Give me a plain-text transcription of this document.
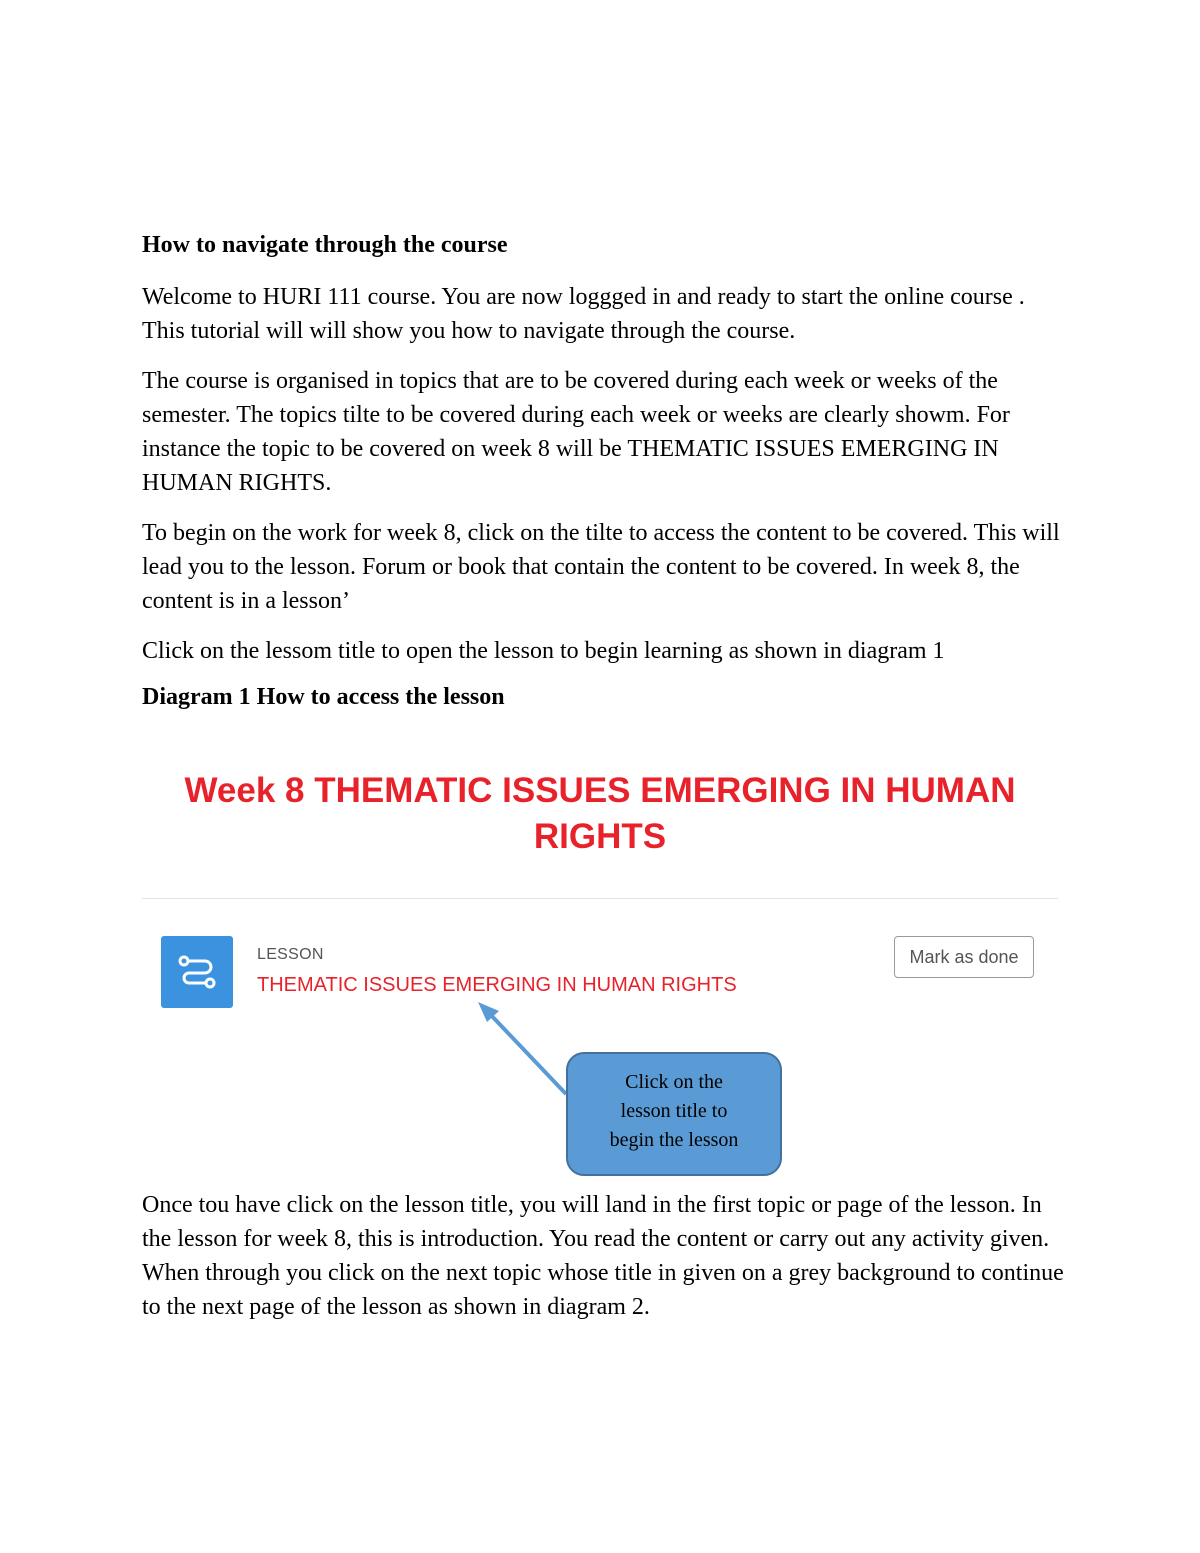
How to navigate through the course
Welcome to HURI 111 course. You are now loggged in and ready to start the online course . This tutorial will will show you how to navigate through the course.
The course is organised in topics that are to be covered during each week or weeks of the semester. The topics tilte to be covered during each week or weeks are clearly showm. For instance the topic to be covered on week 8 will be THEMATIC ISSUES EMERGING IN HUMAN RIGHTS.
To begin on the work for week 8, click on the tilte to access the content to be covered. This will lead you to the lesson. Forum or book that contain the content to be covered. In week 8, the content is in a lesson’
Click on the lessom title to open the lesson to begin learning as shown in diagram 1
Diagram 1 How to access the lesson
Week 8 THEMATIC ISSUES EMERGING IN HUMAN RIGHTS
LESSON
THEMATIC ISSUES EMERGING IN HUMAN RIGHTS
Mark as done
Click on the
lesson title to
begin the lesson
Once tou have click on the lesson title, you will land in the first topic or page of the lesson. In the lesson for week 8, this is introduction. You read the content or carry out any activity given. When through you click on the next topic whose title in given on a grey background to continue to the next page of the lesson as shown in diagram 2.
